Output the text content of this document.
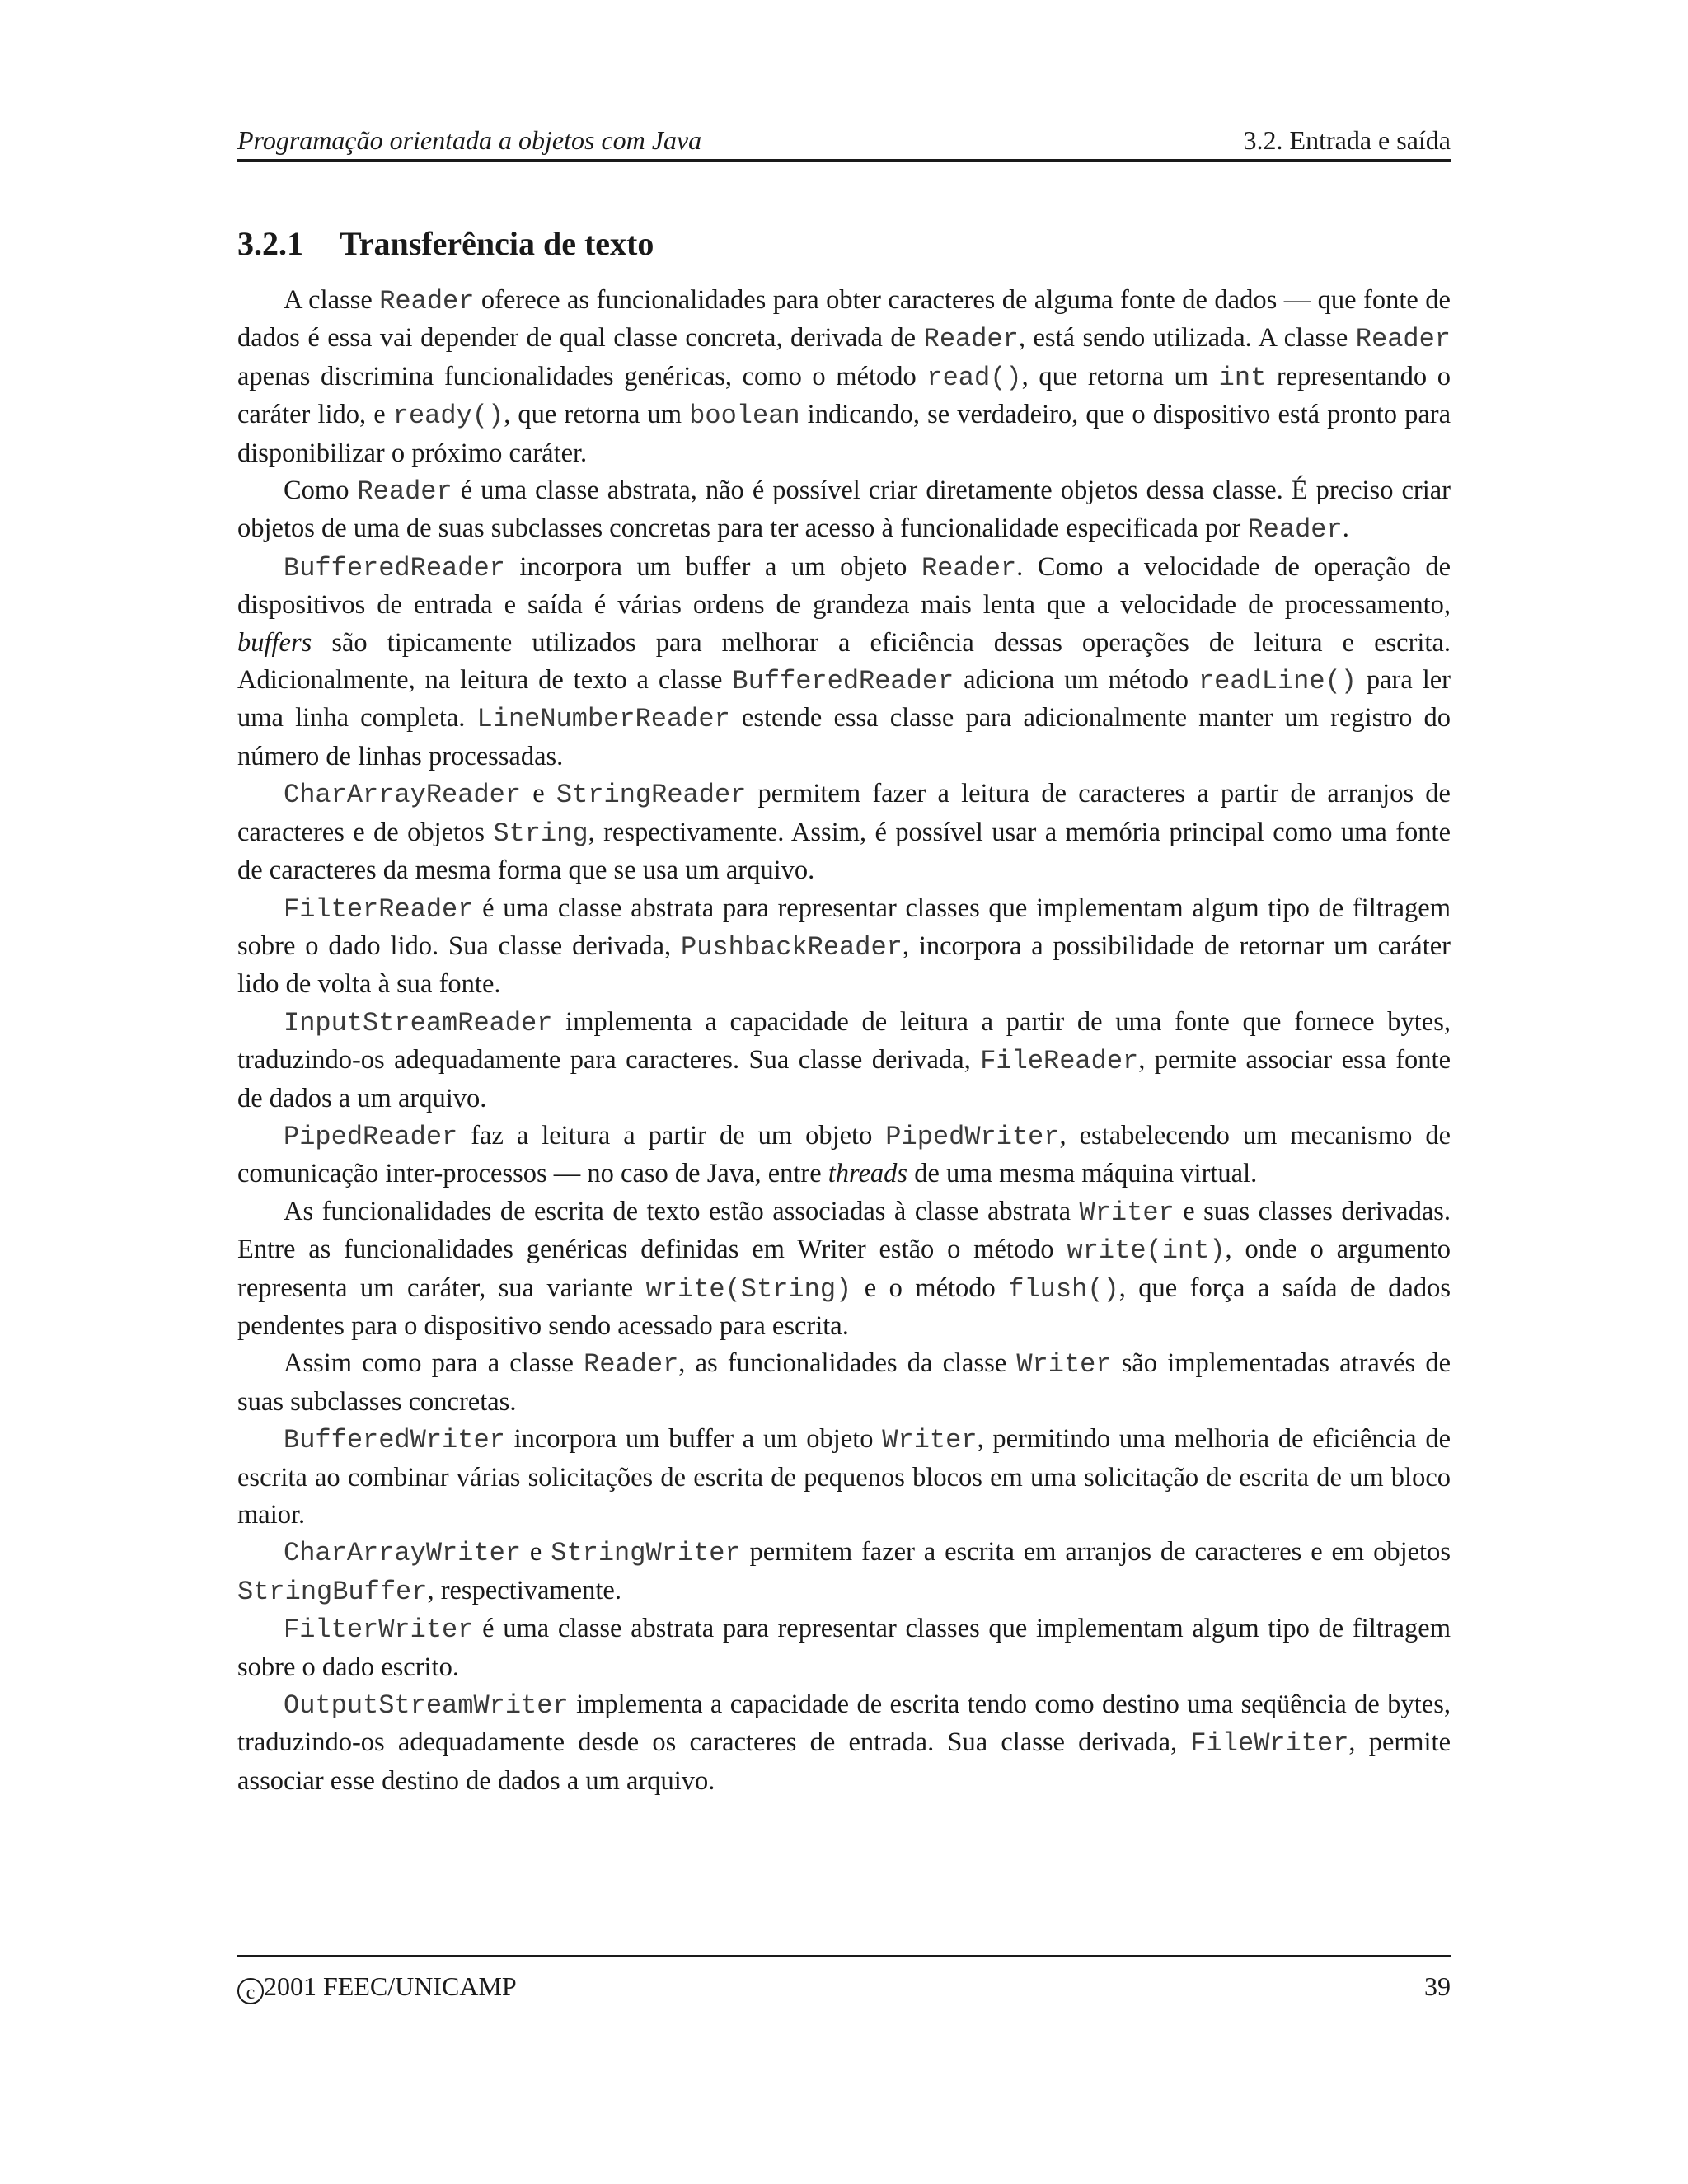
Programação orientada a objetos com Java	3.2. Entrada e saída
3.2.1 Transferência de texto

A classe Reader oferece as funcionalidades para obter caracteres de alguma fonte de dados — que fonte de dados é essa vai depender de qual classe concreta, derivada de Reader, está sendo utilizada. A classe Reader apenas discrimina funcionalidades genéricas, como o método read(), que retorna um int representando o caráter lido, e ready(), que retorna um boolean indicando, se verdadeiro, que o dispositivo está pronto para disponibilizar o próximo caráter.

Como Reader é uma classe abstrata, não é possível criar diretamente objetos dessa classe. É preciso criar objetos de uma de suas subclasses concretas para ter acesso à funcionalidade especificada por Reader.

BufferedReader incorpora um buffer a um objeto Reader. Como a velocidade de operação de dispositivos de entrada e saída é várias ordens de grandeza mais lenta que a velocidade de processamento, buffers são tipicamente utilizados para melhorar a eficiência dessas operações de leitura e escrita. Adicionalmente, na leitura de texto a classe BufferedReader adiciona um método readLine() para ler uma linha completa. LineNumberReader estende essa classe para adicionalmente manter um registro do número de linhas processadas.

CharArrayReader e StringReader permitem fazer a leitura de caracteres a partir de arranjos de caracteres e de objetos String, respectivamente. Assim, é possível usar a memória principal como uma fonte de caracteres da mesma forma que se usa um arquivo.

FilterReader é uma classe abstrata para representar classes que implementam algum tipo de filtragem sobre o dado lido. Sua classe derivada, PushbackReader, incorpora a possibilidade de retornar um caráter lido de volta à sua fonte.

InputStreamReader implementa a capacidade de leitura a partir de uma fonte que fornece bytes, traduzindo-os adequadamente para caracteres. Sua classe derivada, FileReader, permite associar essa fonte de dados a um arquivo.

PipedReader faz a leitura a partir de um objeto PipedWriter, estabelecendo um mecanismo de comunicação inter-processos — no caso de Java, entre threads de uma mesma máquina virtual.

As funcionalidades de escrita de texto estão associadas à classe abstrata Writer e suas classes derivadas. Entre as funcionalidades genéricas definidas em Writer estão o método write(int), onde o argumento representa um caráter, sua variante write(String) e o método flush(), que força a saída de dados pendentes para o dispositivo sendo acessado para escrita.

Assim como para a classe Reader, as funcionalidades da classe Writer são implementadas através de suas subclasses concretas.

BufferedWriter incorpora um buffer a um objeto Writer, permitindo uma melhoria de eficiência de escrita ao combinar várias solicitações de escrita de pequenos blocos em uma solicitação de escrita de um bloco maior.

CharArrayWriter e StringWriter permitem fazer a escrita em arranjos de caracteres e em objetos StringBuffer, respectivamente.

FilterWriter é uma classe abstrata para representar classes que implementam algum tipo de filtragem sobre o dado escrito.

OutputStreamWriter implementa a capacidade de escrita tendo como destino uma seqüência de bytes, traduzindo-os adequadamente desde os caracteres de entrada. Sua classe derivada, FileWriter, permite associar esse destino de dados a um arquivo.

c 2001 FEEC/UNICAMP	39
